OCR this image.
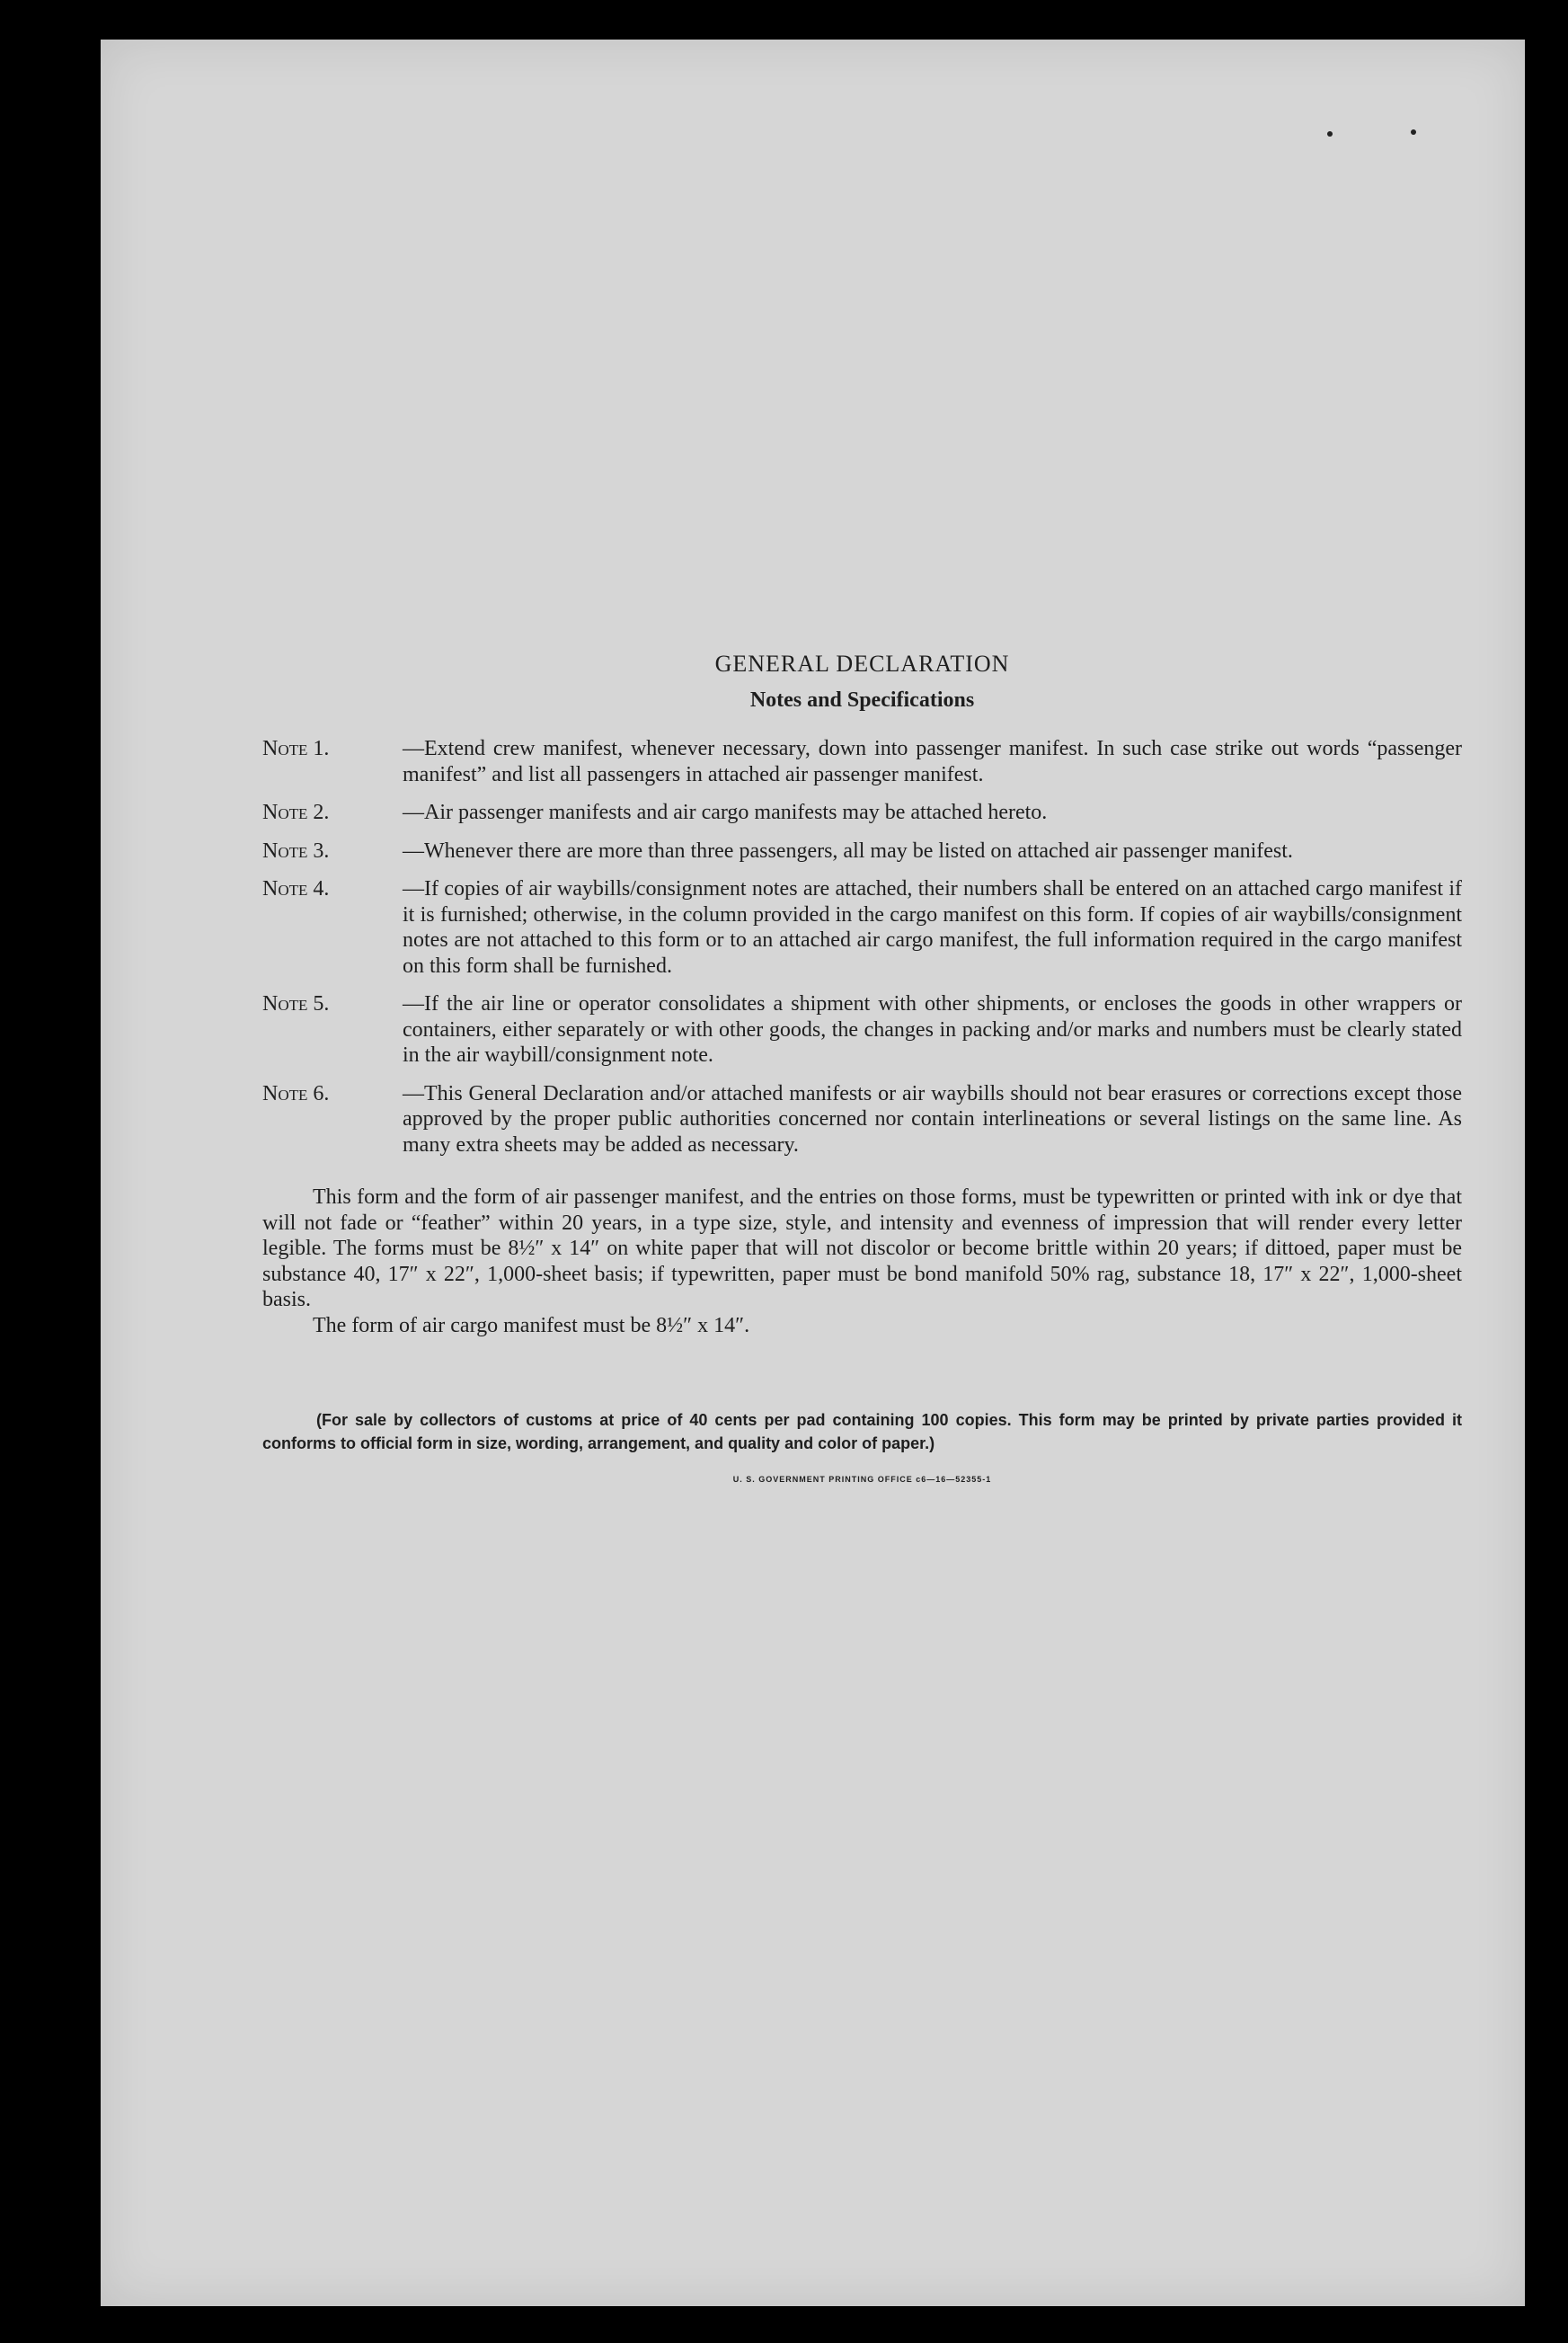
GENERAL DECLARATION
Notes and Specifications
Note 1.	—Extend crew manifest, whenever necessary, down into passenger manifest. In such case strike out words “passenger manifest” and list all passengers in attached air passenger manifest.
Note 2.	—Air passenger manifests and air cargo manifests may be attached hereto.
Note 3.	—Whenever there are more than three passengers, all may be listed on attached air passenger manifest.
Note 4.	—If copies of air waybills/consignment notes are attached, their numbers shall be entered on an attached cargo manifest if it is furnished; otherwise, in the column provided in the cargo manifest on this form. If copies of air waybills/consignment notes are not attached to this form or to an attached air cargo manifest, the full information required in the cargo manifest on this form shall be furnished.
Note 5.	—If the air line or operator consolidates a shipment with other shipments, or encloses the goods in other wrappers or containers, either separately or with other goods, the changes in packing and/or marks and numbers must be clearly stated in the air waybill/consignment note.
Note 6.	—This General Declaration and/or attached manifests or air waybills should not bear erasures or corrections except those approved by the proper public authorities concerned nor contain interlineations or several listings on the same line. As many extra sheets may be added as necessary.
This form and the form of air passenger manifest, and the entries on those forms, must be typewritten or printed with ink or dye that will not fade or “feather” within 20 years, in a type size, style, and intensity and evenness of impression that will render every letter legible. The forms must be 8½″ x 14″ on white paper that will not discolor or become brittle within 20 years; if dittoed, paper must be substance 40, 17″ x 22″, 1,000-sheet basis; if typewritten, paper must be bond manifold 50% rag, substance 18, 17″ x 22″, 1,000-sheet basis.
The form of air cargo manifest must be 8½″ x 14″.
(For sale by collectors of customs at price of 40 cents per pad containing 100 copies. This form may be printed by private parties provided it conforms to official form in size, wording, arrangement, and quality and color of paper.)
U. S. GOVERNMENT PRINTING OFFICE c6—16—52355-1
